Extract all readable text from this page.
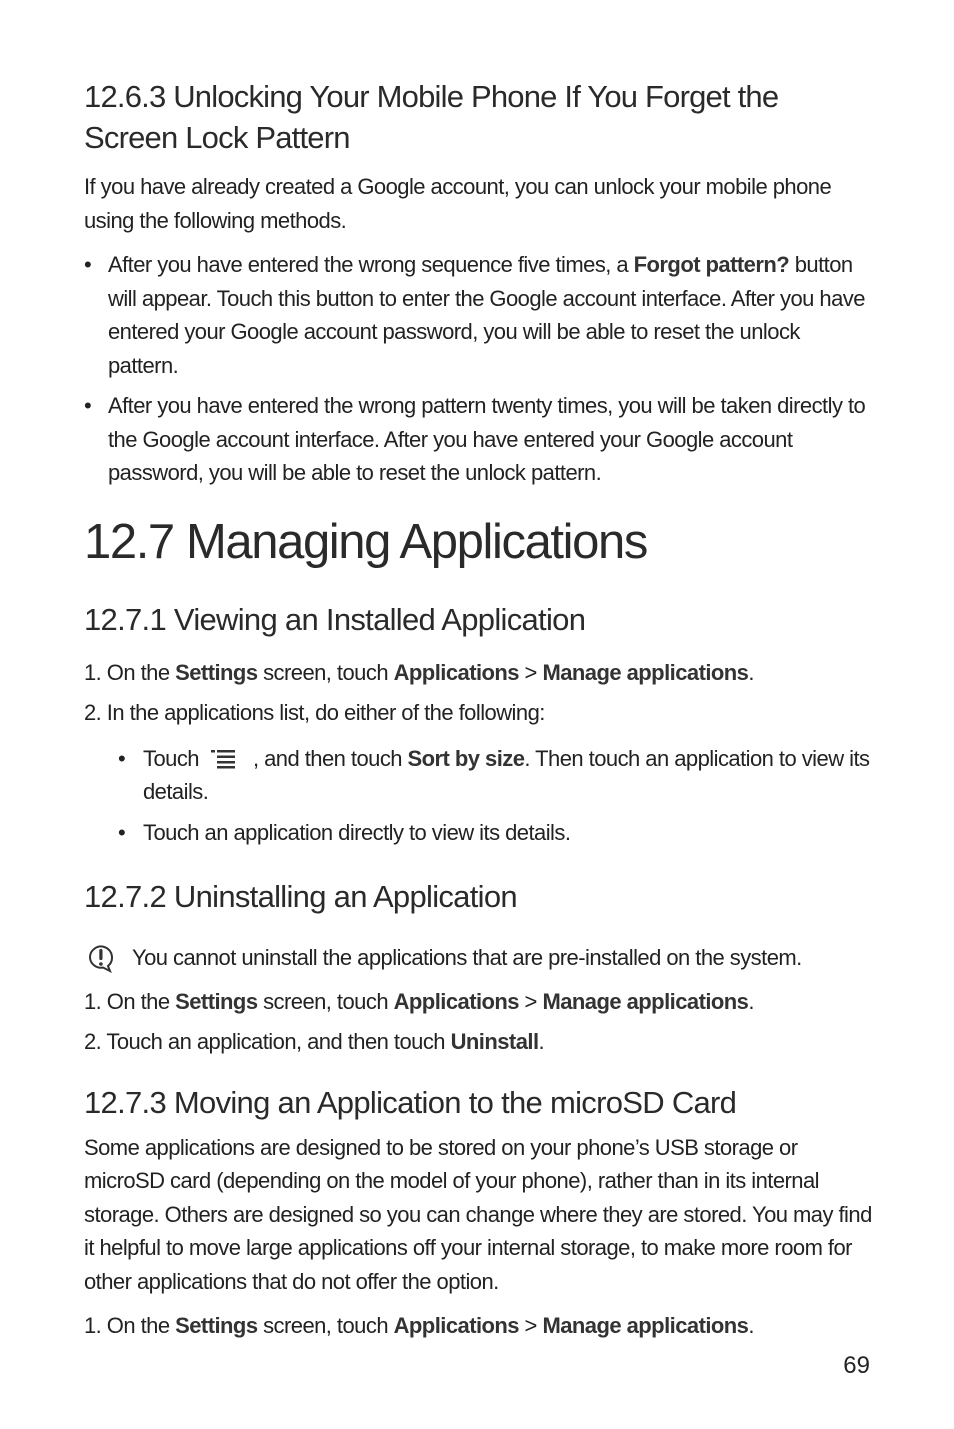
12.6.3 Unlocking Your Mobile Phone If You Forget the Screen Lock Pattern

If you have already created a Google account, you can unlock your mobile phone using the following methods.

• After you have entered the wrong sequence five times, a Forgot pattern? button will appear. Touch this button to enter the Google account interface. After you have entered your Google account password, you will be able to reset the unlock pattern.
• After you have entered the wrong pattern twenty times, you will be taken directly to the Google account interface. After you have entered your Google account password, you will be able to reset the unlock pattern.
12.7 Managing Applications
12.7.1 Viewing an Installed Application
1. On the Settings screen, touch Applications > Manage applications.
2. In the applications list, do either of the following:
• Touch , and then touch Sort by size. Then touch an application to view its details.
• Touch an application directly to view its details.
12.7.2 Uninstalling an Application
You cannot uninstall the applications that are pre-installed on the system.
1. On the Settings screen, touch Applications > Manage applications.
2. Touch an application, and then touch Uninstall.
12.7.3 Moving an Application to the microSD Card

Some applications are designed to be stored on your phone’s USB storage or microSD card (depending on the model of your phone), rather than in its internal storage. Others are designed so you can change where they are stored. You may find it helpful to move large applications off your internal storage, to make more room for other applications that do not offer the option.

1. On the Settings screen, touch Applications > Manage applications.
69
